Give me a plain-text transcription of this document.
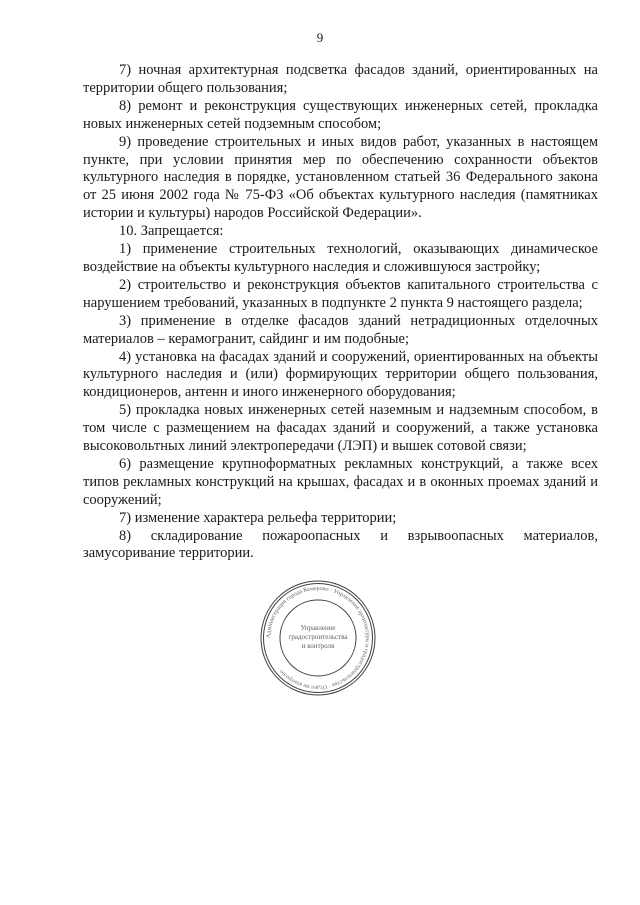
9

7) ночная архитектурная подсветка фасадов зданий, ориентированных на территории общего пользования;

8) ремонт и реконструкция существующих инженерных сетей, прокладка новых инженерных сетей подземным способом;

9) проведение строительных и иных видов работ, указанных в настоящем пункте, при условии принятия мер по обеспечению сохранности объектов культурного наследия в порядке, установленном статьей 36 Федерального закона от 25 июня 2002 года № 75-ФЗ «Об объектах культурного наследия (памятниках истории и культуры) народов Российской Федерации».

10. Запрещается:

1) применение строительных технологий, оказывающих динамическое воздействие на объекты культурного наследия и сложившуюся застройку;

2) строительство и реконструкция объектов капитального строительства с нарушением требований, указанных в подпункте 2 пункта 9 настоящего раздела;

3) применение в отделке фасадов зданий нетрадиционных отделочных материалов – керамогранит, сайдинг и им подобные;

4) установка на фасадах зданий и сооружений, ориентированных на объекты культурного наследия и (или) формирующих территории общего пользования, кондиционеров, антенн и иного инженерного оборудования;

5) прокладка новых инженерных сетей наземным и надземным способом, в том числе с размещением на фасадах зданий и сооружений, а также установка высоковольтных линий электропередачи (ЛЭП) и вышек сотовой связи;

6) размещение крупноформатных рекламных конструкций, а также всех типов рекламных конструкций на крышах, фасадах и в оконных проемах зданий и сооружений;

7) изменение характера рельефа территории;

8) складирование пожароопасных и взрывоопасных материалов, замусоривание территории.

Администрация города Кемерово · Управление архитектуры и градостроительства · Отдел по контролю ·
Управление
градостроительства
и контроля
